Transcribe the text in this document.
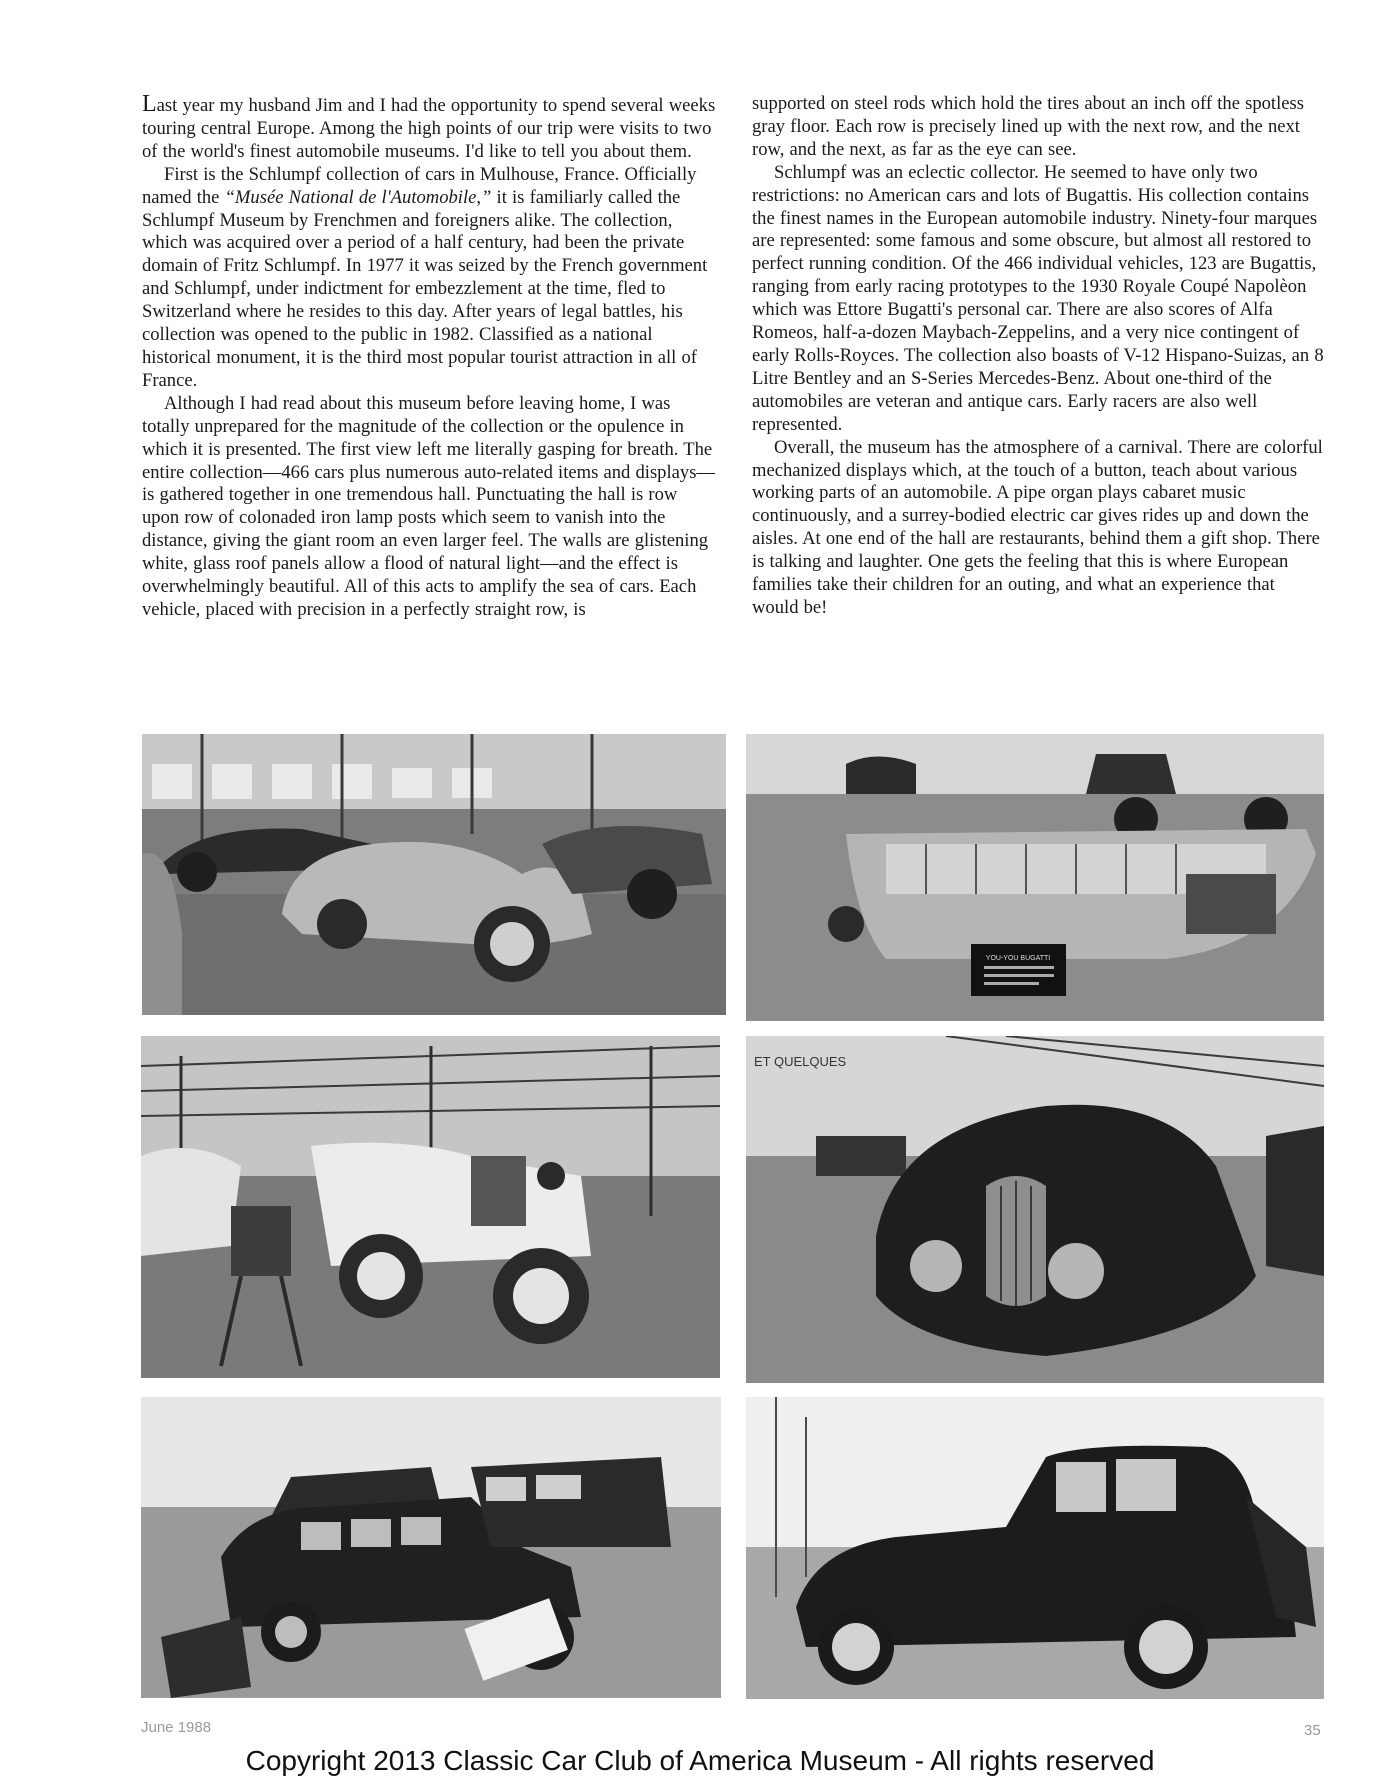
Last year my husband Jim and I had the opportunity to spend several weeks touring central Europe. Among the high points of our trip were visits to two of the world's finest automobile museums. I'd like to tell you about them.

First is the Schlumpf collection of cars in Mulhouse, France. Officially named the “Musée National de l'Automobile,” it is familiarly called the Schlumpf Museum by Frenchmen and foreigners alike. The collection, which was acquired over a period of a half century, had been the private domain of Fritz Schlumpf. In 1977 it was seized by the French government and Schlumpf, under indictment for embezzlement at the time, fled to Switzerland where he resides to this day. After years of legal battles, his collection was opened to the public in 1982. Classified as a national historical monument, it is the third most popular tourist attraction in all of France.

Although I had read about this museum before leaving home, I was totally unprepared for the magnitude of the collection or the opulence in which it is presented. The first view left me literally gasping for breath. The entire collection—466 cars plus numerous auto-related items and displays—is gathered together in one tremendous hall. Punctuating the hall is row upon row of colonaded iron lamp posts which seem to vanish into the distance, giving the giant room an even larger feel. The walls are glistening white, glass roof panels allow a flood of natural light—and the effect is overwhelmingly beautiful. All of this acts to amplify the sea of cars. Each vehicle, placed with precision in a perfectly straight row, is

supported on steel rods which hold the tires about an inch off the spotless gray floor. Each row is precisely lined up with the next row, and the next row, and the next, as far as the eye can see.

Schlumpf was an eclectic collector. He seemed to have only two restrictions: no American cars and lots of Bugattis. His collection contains the finest names in the European automobile industry. Ninety-four marques are represented: some famous and some obscure, but almost all restored to perfect running condition. Of the 466 individual vehicles, 123 are Bugattis, ranging from early racing prototypes to the 1930 Royale Coupé Napolèon which was Ettore Bugatti's personal car. There are also scores of Alfa Romeos, half-a-dozen Maybach-Zeppelins, and a very nice contingent of early Rolls-Royces. The collection also boasts of V-12 Hispano-Suizas, an 8 Litre Bentley and an S-Series Mercedes-Benz. About one-third of the automobiles are veteran and antique cars. Early racers are also well represented.

Overall, the museum has the atmosphere of a carnival. There are colorful mechanized displays which, at the touch of a button, teach about various working parts of an automobile. A pipe organ plays cabaret music continuously, and a surrey-bodied electric car gives rides up and down the aisles. At one end of the hall are restaurants, behind them a gift shop. There is talking and laughter. One gets the feeling that this is where European families take their children for an outing, and what an experience that would be!

YOU-YOU BUGATTI
ET QUELQUES
June 1988	35
Copyright 2013 Classic Car Club of America Museum - All rights reserved
